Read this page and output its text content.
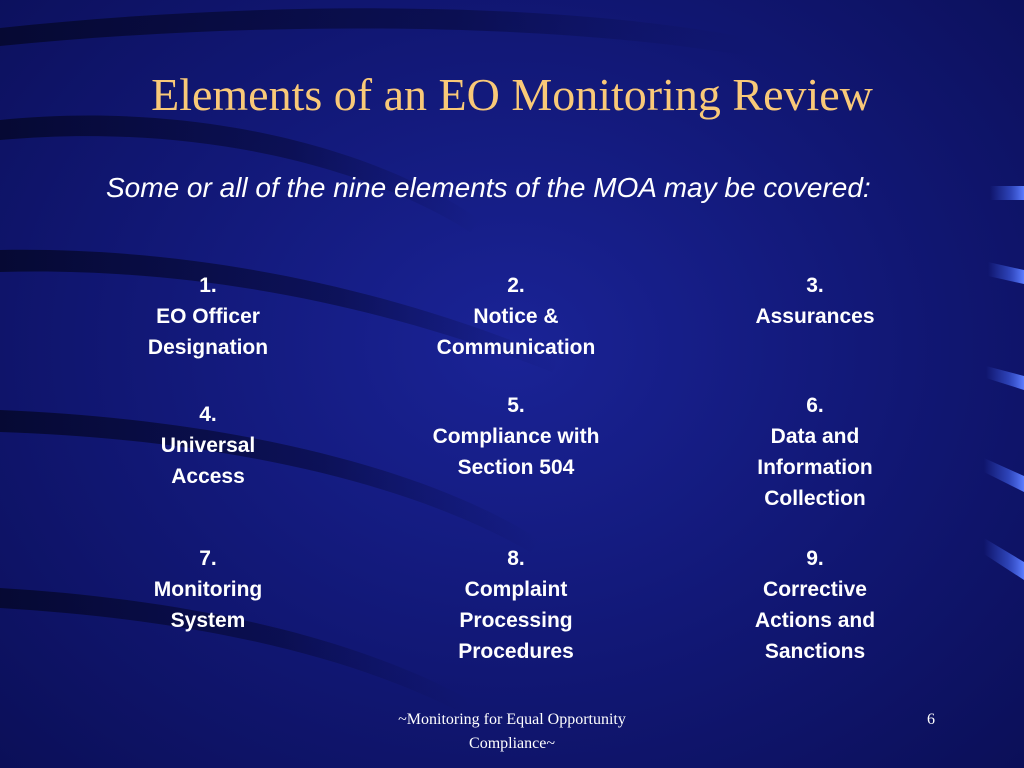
Elements of an EO Monitoring Review
Some or all of the nine elements of the MOA may be covered:
1.
EO Officer
Designation
2.
Notice &
Communication
3.
Assurances
4.
Universal
Access
5.
Compliance with
Section 504
6.
Data and
Information
Collection
7.
Monitoring
System
8.
Complaint
Processing
Procedures
9.
Corrective
Actions and
Sanctions
~Monitoring for Equal Opportunity Compliance~
6
